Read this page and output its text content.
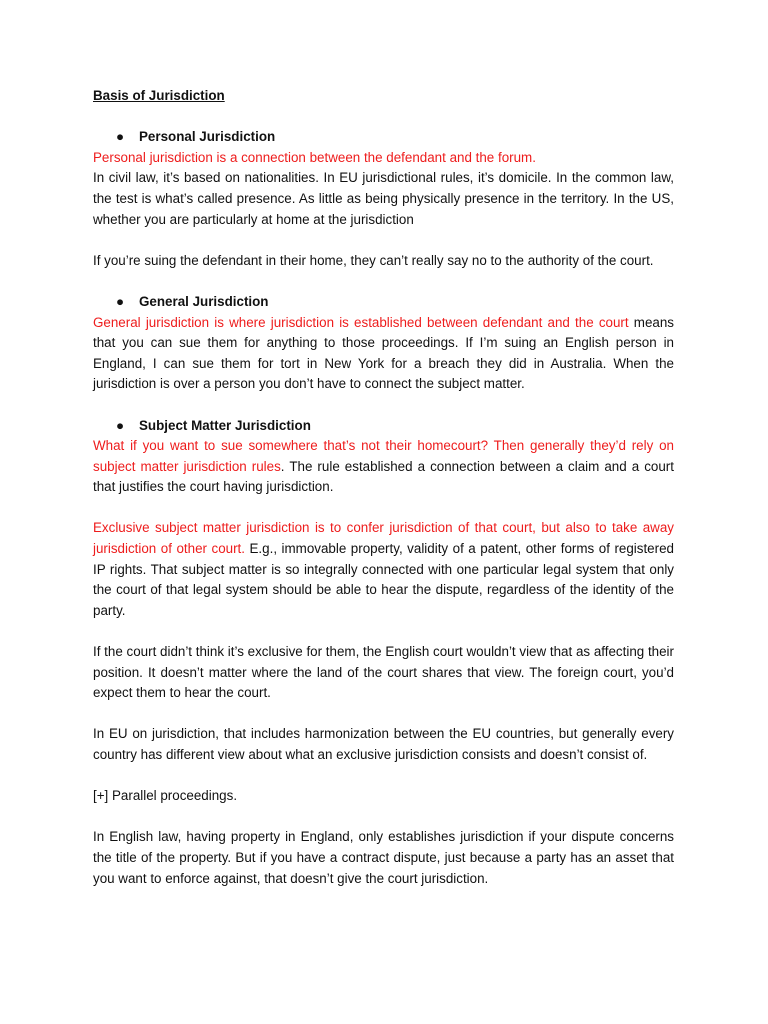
Basis of Jurisdiction

● Personal Jurisdiction

Personal jurisdiction is a connection between the defendant and the forum.

In civil law, it’s based on nationalities. In EU jurisdictional rules, it’s domicile. In the common law, the test is what’s called presence. As little as being physically presence in the territory. In the US, whether you are particularly at home at the jurisdiction

If you’re suing the defendant in their home, they can’t really say no to the authority of the court.

● General Jurisdiction

General jurisdiction is where jurisdiction is established between defendant and the court means that you can sue them for anything to those proceedings. If I’m suing an English person in England, I can sue them for tort in New York for a breach they did in Australia. When the jurisdiction is over a person you don’t have to connect the subject matter.

● Subject Matter Jurisdiction

What if you want to sue somewhere that’s not their homecourt? Then generally they’d rely on subject matter jurisdiction rules. The rule established a connection between a claim and a court that justifies the court having jurisdiction.

Exclusive subject matter jurisdiction is to confer jurisdiction of that court, but also to take away jurisdiction of other court. E.g., immovable property, validity of a patent, other forms of registered IP rights. That subject matter is so integrally connected with one particular legal system that only the court of that legal system should be able to hear the dispute, regardless of the identity of the party.

If the court didn’t think it’s exclusive for them, the English court wouldn’t view that as affecting their position. It doesn’t matter where the land of the court shares that view. The foreign court, you’d expect them to hear the court.

In EU on jurisdiction, that includes harmonization between the EU countries, but generally every country has different view about what an exclusive jurisdiction consists and doesn’t consist of.

[+] Parallel proceedings.

In English law, having property in England, only establishes jurisdiction if your dispute concerns the title of the property. But if you have a contract dispute, just because a party has an asset that you want to enforce against, that doesn’t give the court jurisdiction.
